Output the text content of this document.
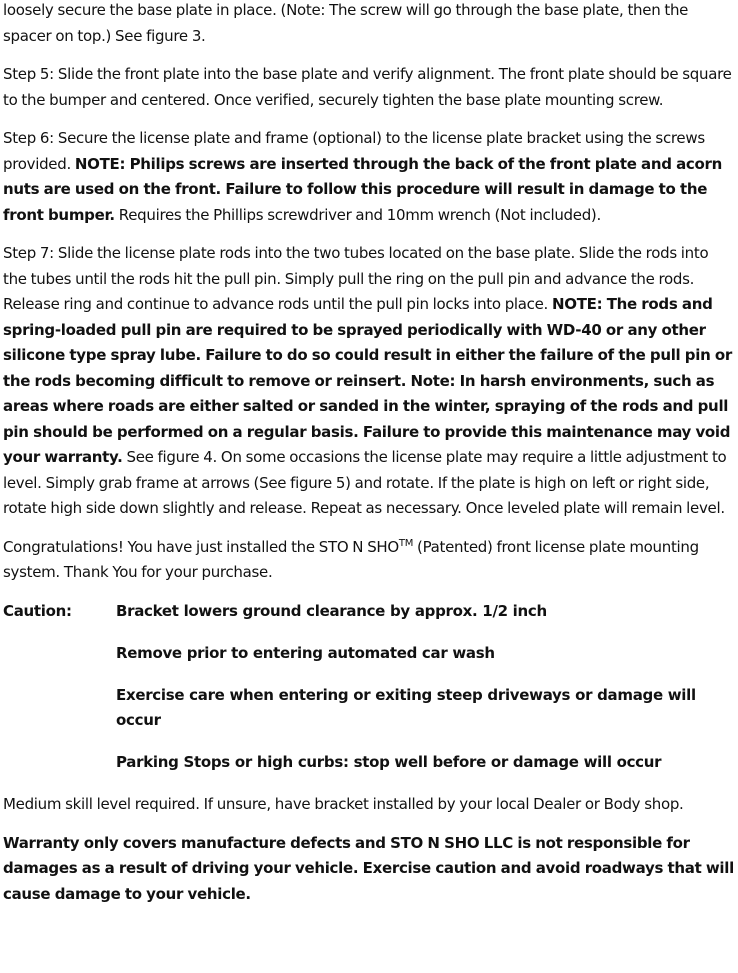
loosely secure the base plate in place. (Note: The screw will go through the base plate, then the spacer on top.) See figure 3.

Step 5: Slide the front plate into the base plate and verify alignment. The front plate should be square to the bumper and centered. Once verified, securely tighten the base plate mounting screw.

Step 6: Secure the license plate and frame (optional) to the license plate bracket using the screws provided. NOTE: Philips screws are inserted through the back of the front plate and acorn nuts are used on the front. Failure to follow this procedure will result in damage to the front bumper. Requires the Phillips screwdriver and 10mm wrench (Not included).

Step 7: Slide the license plate rods into the two tubes located on the base plate. Slide the rods into the tubes until the rods hit the pull pin. Simply pull the ring on the pull pin and advance the rods. Release ring and continue to advance rods until the pull pin locks into place. NOTE: The rods and spring-loaded pull pin are required to be sprayed periodically with WD-40 or any other silicone type spray lube. Failure to do so could result in either the failure of the pull pin or the rods becoming difficult to remove or reinsert. Note: In harsh environments, such as areas where roads are either salted or sanded in the winter, spraying of the rods and pull pin should be performed on a regular basis. Failure to provide this maintenance may void your warranty. See figure 4. On some occasions the license plate may require a little adjustment to level. Simply grab frame at arrows (See figure 5) and rotate. If the plate is high on left or right side, rotate high side down slightly and release. Repeat as necessary. Once leveled plate will remain level.

Congratulations! You have just installed the STO N SHO™ (Patented) front license plate mounting system. Thank You for your purchase.

Caution:	Bracket lowers ground clearance by approx. 1/2 inch
Remove prior to entering automated car wash
Exercise care when entering or exiting steep driveways or damage will occur
Parking Stops or high curbs: stop well before or damage will occur

Medium skill level required. If unsure, have bracket installed by your local Dealer or Body shop.

Warranty only covers manufacture defects and STO N SHO LLC is not responsible for damages as a result of driving your vehicle. Exercise caution and avoid roadways that will cause damage to your vehicle.
